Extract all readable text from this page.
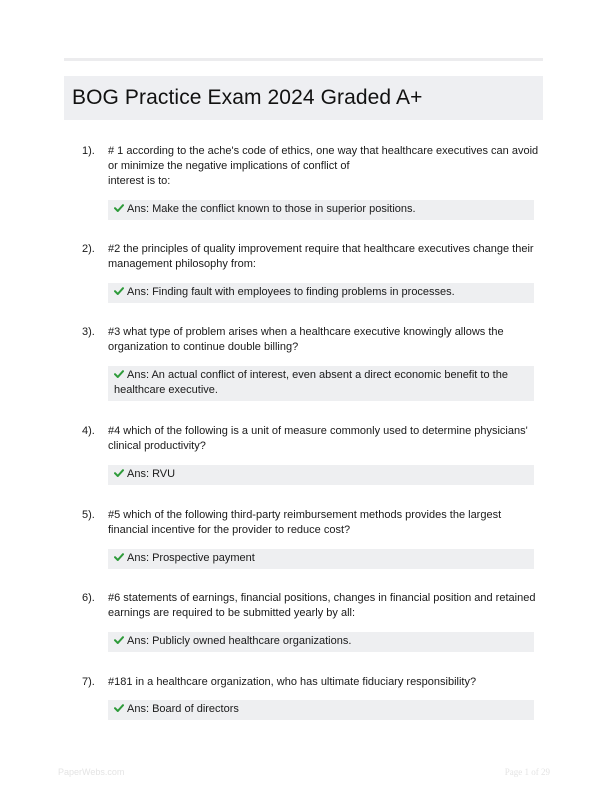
BOG Practice Exam 2024 Graded A+
1). # 1 according to the ache's code of ethics, one way that healthcare executives can avoid or minimize the negative implications of conflict of
interest is to:
Ans: Make the conflict known to those in superior positions.
2). #2 the principles of quality improvement require that healthcare executives change their management philosophy from:
Ans: Finding fault with employees to finding problems in processes.
3). #3 what type of problem arises when a healthcare executive knowingly allows the organization to continue double billing?
Ans: An actual conflict of interest, even absent a direct economic benefit to the healthcare executive.
4). #4 which of the following is a unit of measure commonly used to determine physicians' clinical productivity?
Ans: RVU
5). #5 which of the following third-party reimbursement methods provides the largest financial incentive for the provider to reduce cost?
Ans: Prospective payment
6). #6 statements of earnings, financial positions, changes in financial position and retained earnings are required to be submitted yearly by all:
Ans: Publicly owned healthcare organizations.
7). #181 in a healthcare organization, who has ultimate fiduciary responsibility?
Ans: Board of directors
PaperWebs.com	Page 1 of 29
